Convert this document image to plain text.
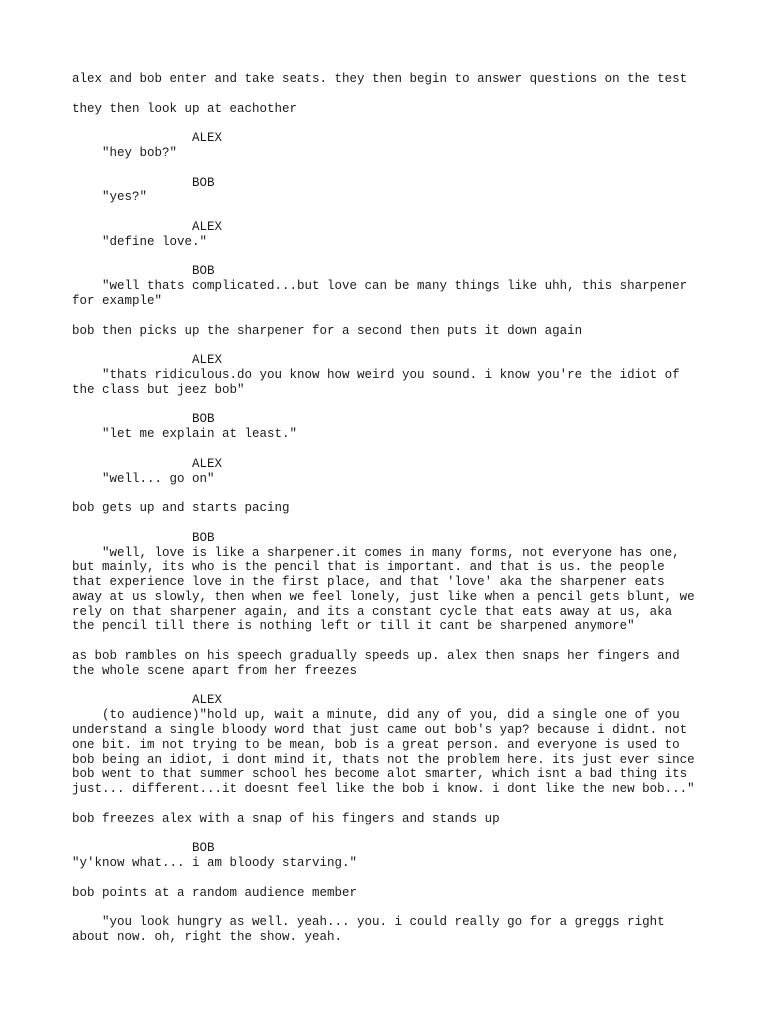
alex and bob enter and take seats. they then begin to answer questions on the test
they then look up at eachother
ALEX
"hey bob?"
BOB
"yes?"
ALEX
"define love."
BOB
"well thats complicated...but love can be many things like uhh, this sharpener
for example"
bob then picks up the sharpener for a second then puts it down again
ALEX
"thats ridiculous.do you know how weird you sound. i know you're the idiot of
the class but jeez bob"
BOB
"let me explain at least."
ALEX
"well... go on"
bob gets up and starts pacing
BOB
"well, love is like a sharpener.it comes in many forms, not everyone has one,
but mainly, its who is the pencil that is important. and that is us. the people
that experience love in the first place, and that 'love' aka the sharpener eats
away at us slowly, then when we feel lonely, just like when a pencil gets blunt, we
rely on that sharpener again, and its a constant cycle that eats away at us, aka
the pencil till there is nothing left or till it cant be sharpened anymore"
as bob rambles on his speech gradually speeds up. alex then snaps her fingers and
the whole scene apart from her freezes
ALEX
(to audience)"hold up, wait a minute, did any of you, did a single one of you
understand a single bloody word that just came out bob's yap? because i didnt. not
one bit. im not trying to be mean, bob is a great person. and everyone is used to
bob being an idiot, i dont mind it, thats not the problem here. its just ever since
bob went to that summer school hes become alot smarter, which isnt a bad thing its
just... different...it doesnt feel like the bob i know. i dont like the new bob..."
bob freezes alex with a snap of his fingers and stands up
BOB
"y'know what... i am bloody starving."
bob points at a random audience member
"you look hungry as well. yeah... you. i could really go for a greggs right
about now. oh, right the show. yeah.
